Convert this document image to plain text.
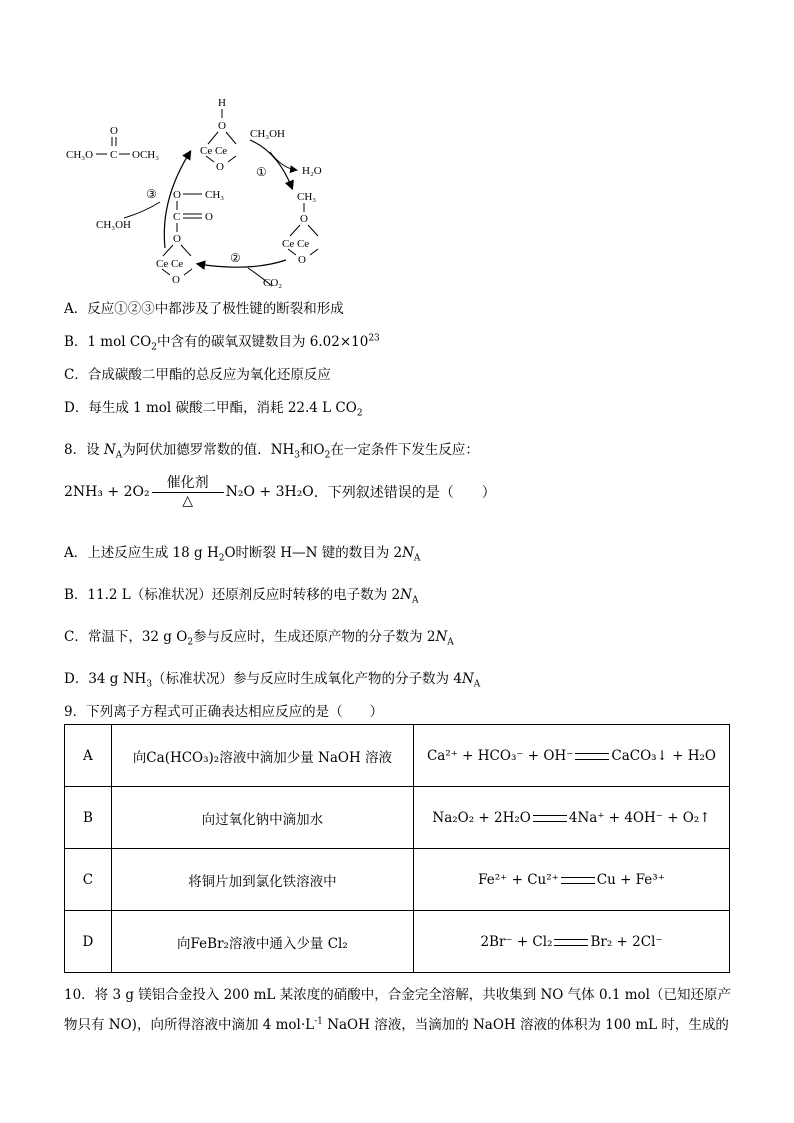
H
O
Ce Ce
O
CH₃OH
H₂O
①
CH₃
O
Ce Ce
O
CO₂
②
O CH₃
C O
O
Ce Ce
O
CH₃OH
③
O
CH₃O C OCH₃
A．反应①②③中都涉及了极性键的断裂和形成
B．1 mol $CO_2$中含有的碳氧双键数目为 $6.02\times 10^{23}$
C．合成碳酸二甲酯的总反应为氧化还原反应
D．每生成 1 mol 碳酸二甲酯，消耗 22.4 L $CO_2$
8．设 $N_A$为阿伏加德罗常数的值．$NH_3$和$O_2$在一定条件下发生反应：
$2NH_3 + 2O_2 \frac{\text{催化剂}}{\triangle} N_2O + 3H_2O$ ．下列叙述错误的是（　　）
A．上述反应生成 18 g $H_2O$时断裂 H—N 键的数目为 $2N_A$
B．11.2 L（标准状况）还原剂反应时转移的电子数为 $2N_A$
C．常温下，32 g $O_2$参与反应时，生成还原产物的分子数为 $2N_A$
D．34 g $NH_3$（标准状况）参与反应时生成氧化产物的分子数为 $4N_A$
9．下列离子方程式可正确表达相应反应的是（　　）
A	向Ca(HCO₃)₂溶液中滴加少量 NaOH 溶液	Ca²⁺ + HCO₃⁻ + OH⁻ CaCO₃↓ + H₂O
B	向过氧化钠中滴加水	Na₂O₂ + 2H₂O 4Na⁺ + 4OH⁻ + O₂↑
C	将铜片加到氯化铁溶液中	Fe²⁺ + Cu²⁺ Cu + Fe³⁺
D	向FeBr₂溶液中通入少量 Cl₂	2Br⁻ + Cl₂ Br₂ + 2Cl⁻
10．将 3 g 镁铝合金投入 200 mL 某浓度的硝酸中，合金完全溶解，共收集到 NO 气体 0.1 mol（已知还原产
物只有 NO)，向所得溶液中滴加 4 $mol\cdot L^{-1}$ NaOH 溶液，当滴加的 NaOH 溶液的体积为 100 mL 时，生成的
